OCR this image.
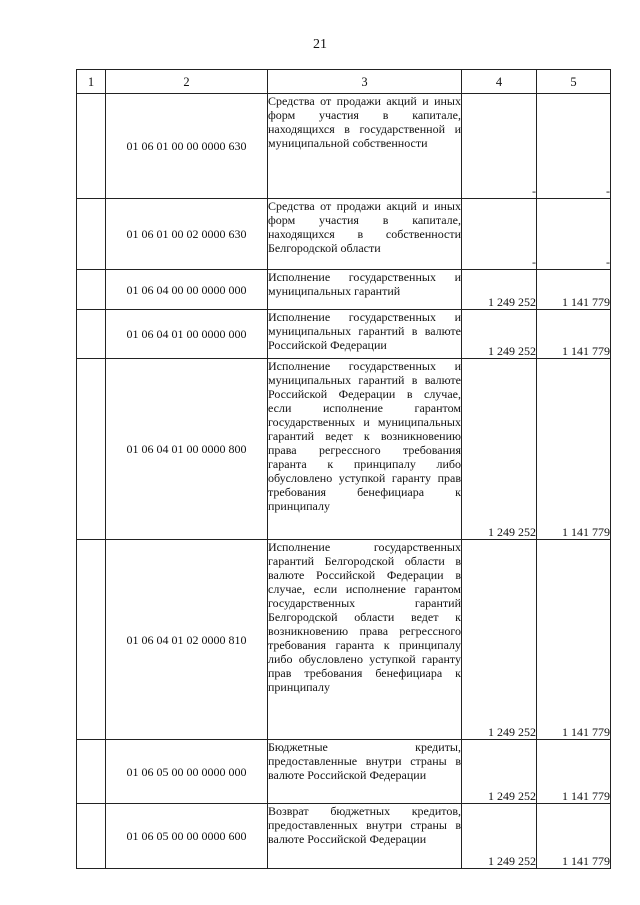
21
1	2	3	4	5
	01 06 01 00 00 0000 630	Средства от продажи акций и иных форм участия в капитале, находящихся в государственной и муниципальной собственности	-	-
	01 06 01 00 02 0000 630	Средства от продажи акций и иных форм участия в капитале, находящихся в собственности Белгородской области	-	-
	01 06 04 00 00 0000 000	Исполнение государственных и муниципальных гарантий	1 249 252	1 141 779
	01 06 04 01 00 0000 000	Исполнение государственных и муниципальных гарантий в валюте Российской Федерации	1 249 252	1 141 779
	01 06 04 01 00 0000 800	Исполнение государственных и муниципальных гарантий в валюте Российской Федерации в случае, если исполнение гарантом государственных и муниципальных гарантий ведет к возникновению права регрессного требования гаранта к принципалу либо обусловлено уступкой гаранту прав требования бенефициара к принципалу	1 249 252	1 141 779
	01 06 04 01 02 0000 810	Исполнение государственных гарантий Белгородской области в валюте Российской Федерации в случае, если исполнение гарантом государственных гарантий Белгородской области ведет к возникновению права регрессного требования гаранта к принципалу либо обусловлено уступкой гаранту прав требования бенефициара к принципалу	1 249 252	1 141 779
	01 06 05 00 00 0000 000	Бюджетные кредиты, предоставленные внутри страны в валюте Российской Федерации	1 249 252	1 141 779
	01 06 05 00 00 0000 600	Возврат бюджетных кредитов, предоставленных внутри страны в валюте Российской Федерации	1 249 252	1 141 779
